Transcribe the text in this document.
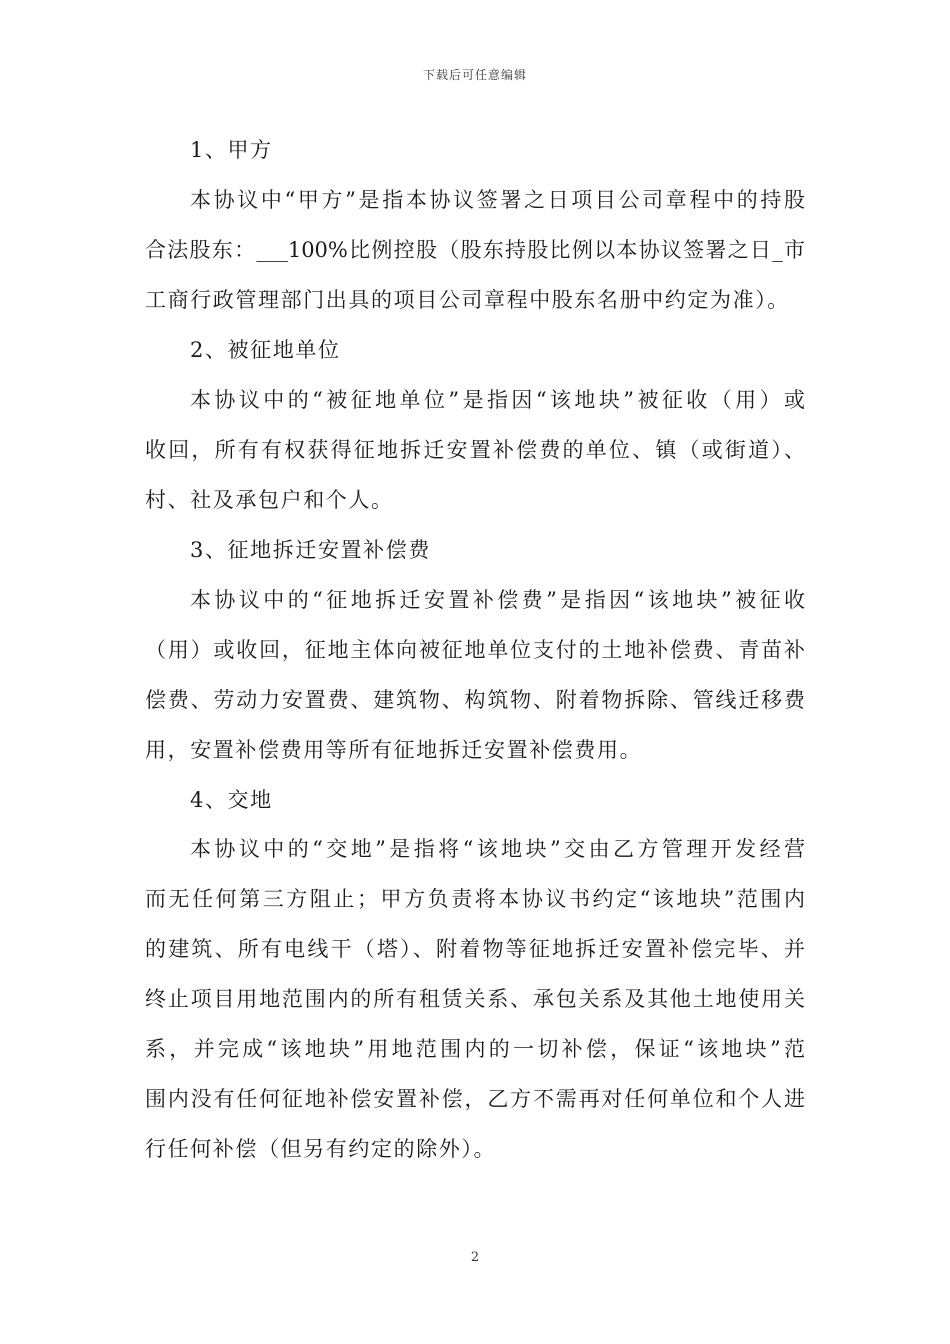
下载后可任意编辑
1、甲方
本协议中“甲方”是指本协议签署之日项目公司章程中的持股
合法股东：___100%比例控股（股东持股比例以本协议签署之日_市
工商行政管理部门出具的项目公司章程中股东名册中约定为准）。
2、被征地单位
本协议中的“被征地单位”是指因“该地块”被征收（用）或
收回，所有有权获得征地拆迁安置补偿费的单位、镇（或街道）、
村、社及承包户和个人。
3、征地拆迁安置补偿费
本协议中的“征地拆迁安置补偿费”是指因“该地块”被征收
（用）或收回，征地主体向被征地单位支付的土地补偿费、青苗补
偿费、劳动力安置费、建筑物、构筑物、附着物拆除、管线迁移费
用，安置补偿费用等所有征地拆迁安置补偿费用。
4、交地
本协议中的“交地”是指将“该地块”交由乙方管理开发经营
而无任何第三方阻止；甲方负责将本协议书约定“该地块”范围内
的建筑、所有电线干（塔）、附着物等征地拆迁安置补偿完毕、并
终止项目用地范围内的所有租赁关系、承包关系及其他土地使用关
系，并完成“该地块”用地范围内的一切补偿，保证“该地块”范
围内没有任何征地补偿安置补偿，乙方不需再对任何单位和个人进
行任何补偿（但另有约定的除外）。
2
